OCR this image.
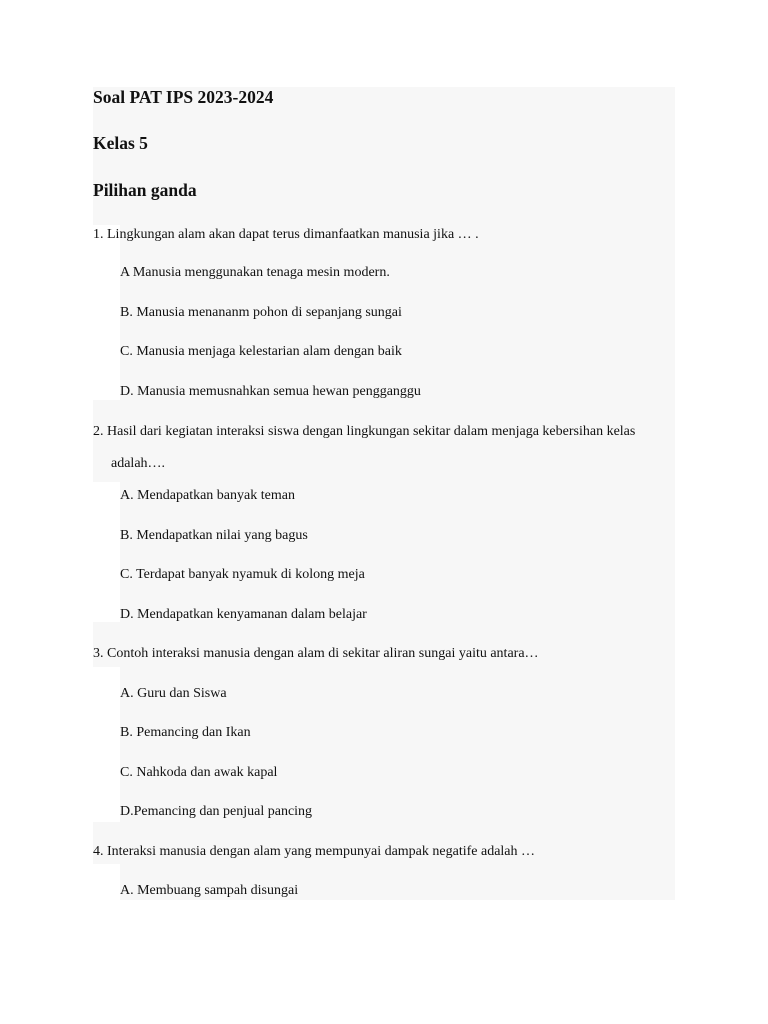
Soal PAT IPS 2023-2024
Kelas 5
Pilihan ganda
1. Lingkungan alam akan dapat terus dimanfaatkan manusia jika … .
A Manusia menggunakan tenaga mesin modern.
B. Manusia menananm pohon di sepanjang sungai
C. Manusia menjaga kelestarian alam dengan baik
D. Manusia memusnahkan semua hewan pengganggu
2. Hasil dari kegiatan interaksi siswa dengan lingkungan sekitar dalam menjaga kebersihan kelas
adalah….
A. Mendapatkan banyak teman
B. Mendapatkan nilai yang bagus
C. Terdapat banyak nyamuk di kolong meja
D. Mendapatkan kenyamanan dalam belajar
3. Contoh interaksi manusia dengan alam di sekitar aliran sungai yaitu antara…
A. Guru dan Siswa
B. Pemancing dan Ikan
C. Nahkoda dan awak kapal
D.Pemancing dan penjual pancing
4. Interaksi manusia dengan alam yang mempunyai dampak negatife adalah …
A. Membuang sampah disungai
